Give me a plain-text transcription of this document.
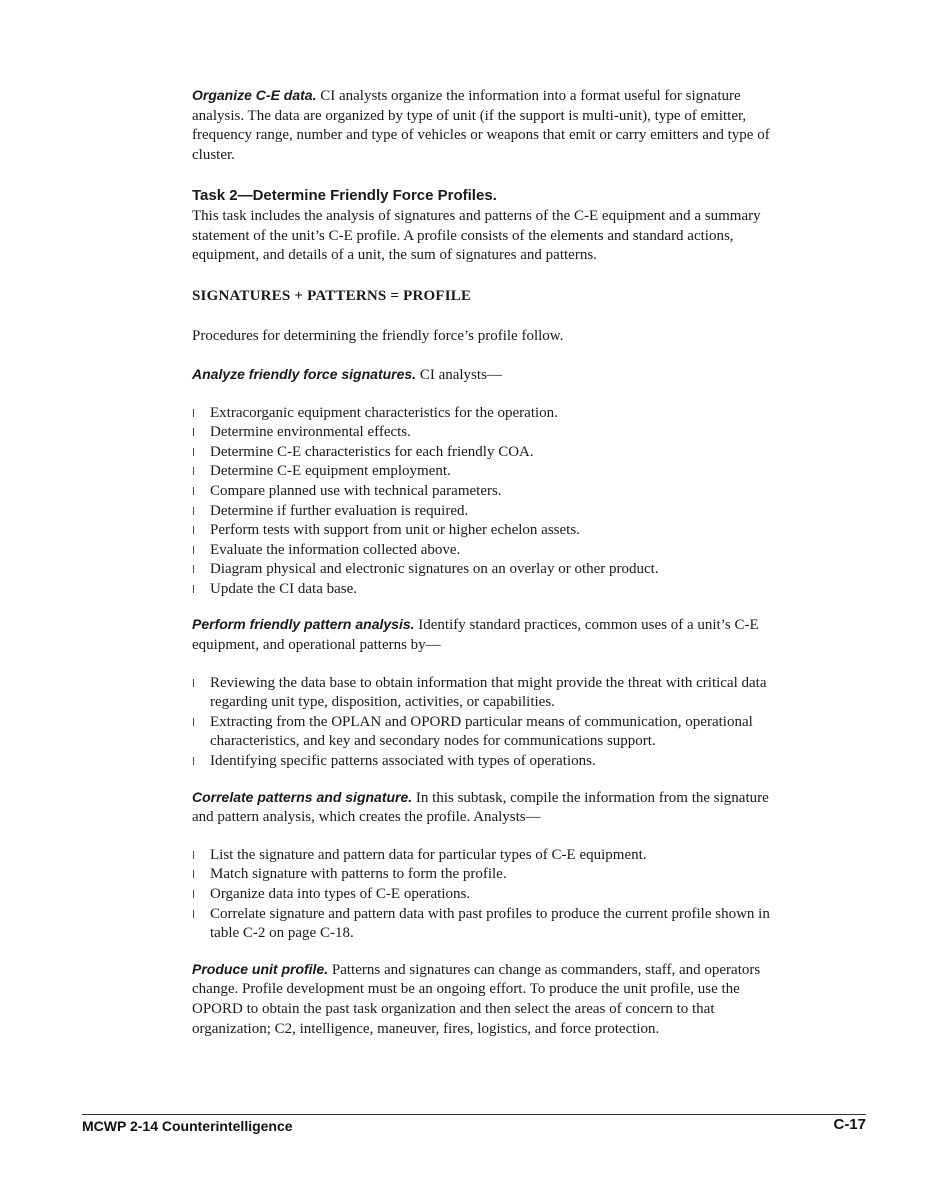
Organize C-E data. CI analysts organize the information into a format useful for signature analysis. The data are organized by type of unit (if the support is multi-unit), type of emitter, frequency range, number and type of vehicles or weapons that emit or carry emitters and type of cluster.

Task 2—Determine Friendly Force Profiles.

This task includes the analysis of signatures and patterns of the C-E equipment and a summary statement of the unit’s C-E profile. A profile consists of the elements and standard actions, equipment, and details of a unit, the sum of signatures and patterns.

SIGNATURES + PATTERNS = PROFILE

Procedures for determining the friendly force’s profile follow.

Analyze friendly force signatures. CI analysts—

l Extracorganic equipment characteristics for the operation.
l Determine environmental effects.
l Determine C-E characteristics for each friendly COA.
l Determine C-E equipment employment.
l Compare planned use with technical parameters.
l Determine if further evaluation is required.
l Perform tests with support from unit or higher echelon assets.
l Evaluate the information collected above.
l Diagram physical and electronic signatures on an overlay or other product.
l Update the CI data base.

Perform friendly pattern analysis. Identify standard practices, common uses of a unit’s C-E equipment, and operational patterns by—

l Reviewing the data base to obtain information that might provide the threat with critical data regarding unit type, disposition, activities, or capabilities.
l Extracting from the OPLAN and OPORD particular means of communication, operational characteristics, and key and secondary nodes for communications support.
l Identifying specific patterns associated with types of operations.

Correlate patterns and signature. In this subtask, compile the information from the signature and pattern analysis, which creates the profile. Analysts—

l List the signature and pattern data for particular types of C-E equipment.
l Match signature with patterns to form the profile.
l Organize data into types of C-E operations.
l Correlate signature and pattern data with past profiles to produce the current profile shown in table C-2 on page C-18.

Produce unit profile. Patterns and signatures can change as commanders, staff, and operators change. Profile development must be an ongoing effort. To produce the unit profile, use the OPORD to obtain the past task organization and then select the areas of concern to that organization; C2, intelligence, maneuver, fires, logistics, and force protection.

MCWP 2-14 Counterintelligence	C-17
